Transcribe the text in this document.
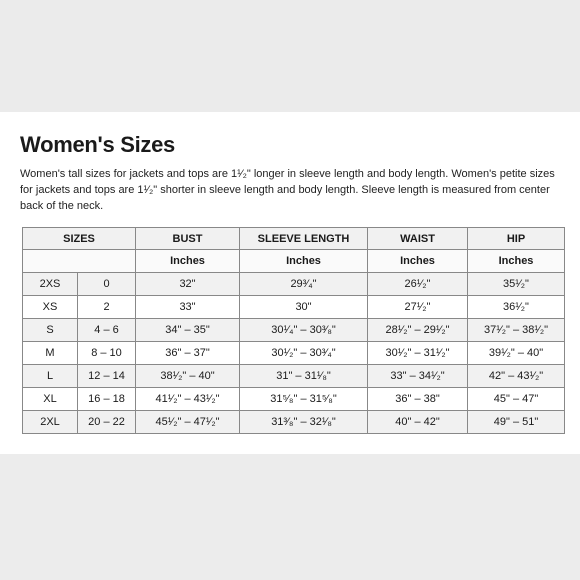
Women's Sizes
Women's tall sizes for jackets and tops are 1¹⁄₂" longer in sleeve length and body length. Women's petite sizes for jackets and tops are 1¹⁄₂" shorter in sleeve length and body length. Sleeve length is measured from center back of the neck.
SIZES		BUST	SLEEVE LENGTH	WAIST	HIP
		Inches	Inches	Inches	Inches
2XS	0	32"	29³⁄₄"	26¹⁄₂"	35¹⁄₂"
XS	2	33"	30"	27¹⁄₂"	36¹⁄₂"
S	4 – 6	34" – 35"	30¹⁄₄" – 30³⁄₈"	28¹⁄₂" – 29¹⁄₂"	37¹⁄₂" – 38¹⁄₂"
M	8 – 10	36" – 37"	30¹⁄₂" – 30³⁄₄"	30¹⁄₂" – 31¹⁄₂"	39¹⁄₂" – 40"
L	12 – 14	38¹⁄₂" – 40"	31" – 31¹⁄₈"	33" – 34¹⁄₂"	42" – 43¹⁄₂"
XL	16 – 18	41¹⁄₂" – 43¹⁄₂"	31⁵⁄₈" – 31⁵⁄₈"	36" – 38"	45" – 47"
2XL	20 – 22	45¹⁄₂" – 47¹⁄₂"	31³⁄₈" – 32¹⁄₈"	40" – 42"	49" – 51"
